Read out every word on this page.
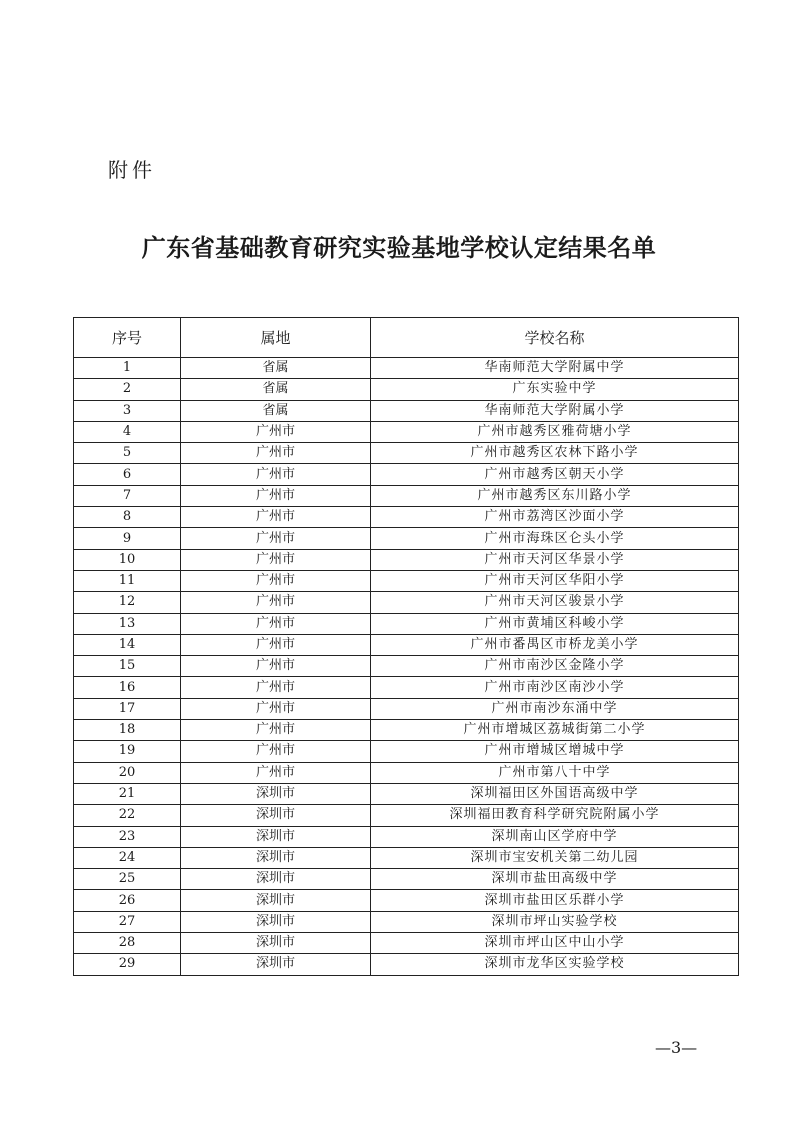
附件
广东省基础教育研究实验基地学校认定结果名单
序号	属地	学校名称
1	省属	华南师范大学附属中学
2	省属	广东实验中学
3	省属	华南师范大学附属小学
4	广州市	广州市越秀区雅荷塘小学
5	广州市	广州市越秀区农林下路小学
6	广州市	广州市越秀区朝天小学
7	广州市	广州市越秀区东川路小学
8	广州市	广州市荔湾区沙面小学
9	广州市	广州市海珠区仑头小学
10	广州市	广州市天河区华景小学
11	广州市	广州市天河区华阳小学
12	广州市	广州市天河区骏景小学
13	广州市	广州市黄埔区科峻小学
14	广州市	广州市番禺区市桥龙美小学
15	广州市	广州市南沙区金隆小学
16	广州市	广州市南沙区南沙小学
17	广州市	广州市南沙东涌中学
18	广州市	广州市增城区荔城街第二小学
19	广州市	广州市增城区增城中学
20	广州市	广州市第八十中学
21	深圳市	深圳福田区外国语高级中学
22	深圳市	深圳福田教育科学研究院附属小学
23	深圳市	深圳南山区学府中学
24	深圳市	深圳市宝安机关第二幼儿园
25	深圳市	深圳市盐田高级中学
26	深圳市	深圳市盐田区乐群小学
27	深圳市	深圳市坪山实验学校
28	深圳市	深圳市坪山区中山小学
29	深圳市	深圳市龙华区实验学校
—3—
